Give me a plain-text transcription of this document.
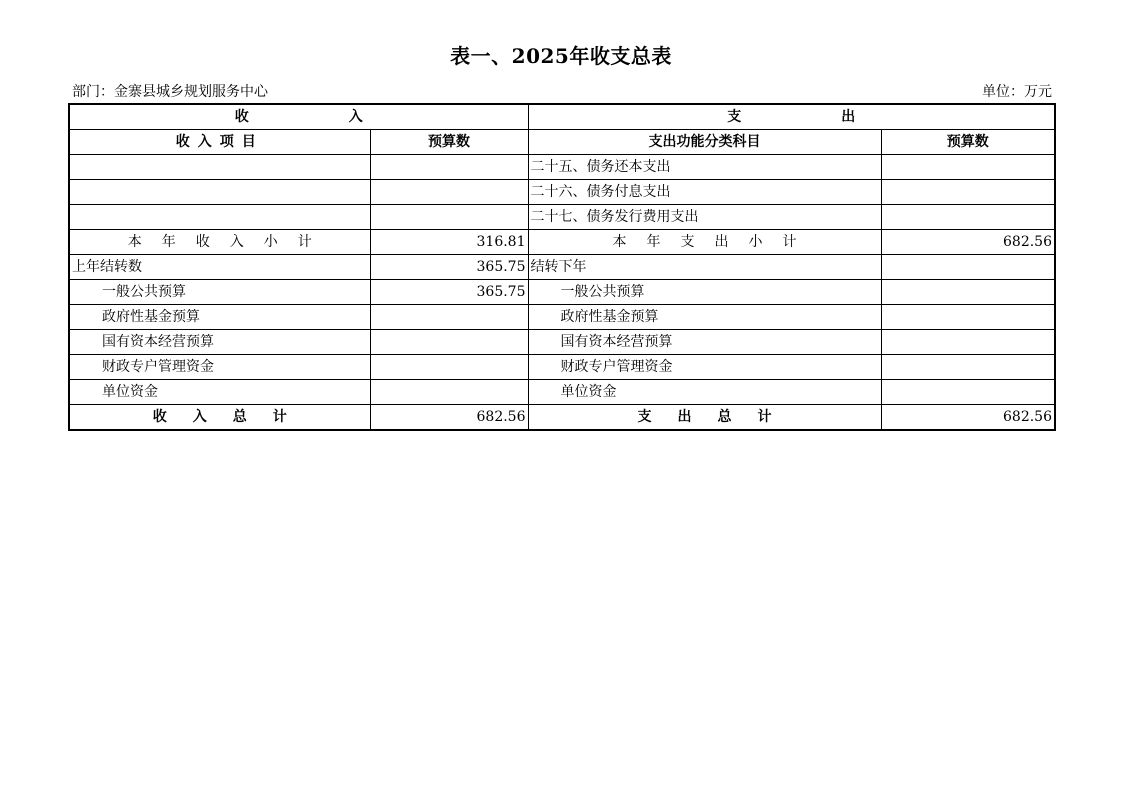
表一、2025年收支总表
部门：金寨县城乡规划服务中心	单位：万元
收入		支出	
收入项目	预算数	支出功能分类科目	预算数
		二十五、债务还本支出	
		二十六、债务付息支出	
		二十七、债务发行费用支出	
本年收入小计	316.81	本年支出小计	682.56
上年结转数	365.75	结转下年	
一般公共预算	365.75	一般公共预算	
政府性基金预算		政府性基金预算	
国有资本经营预算		国有资本经营预算	
财政专户管理资金		财政专户管理资金	
单位资金		单位资金	
收入总计	682.56	支出总计	682.56
